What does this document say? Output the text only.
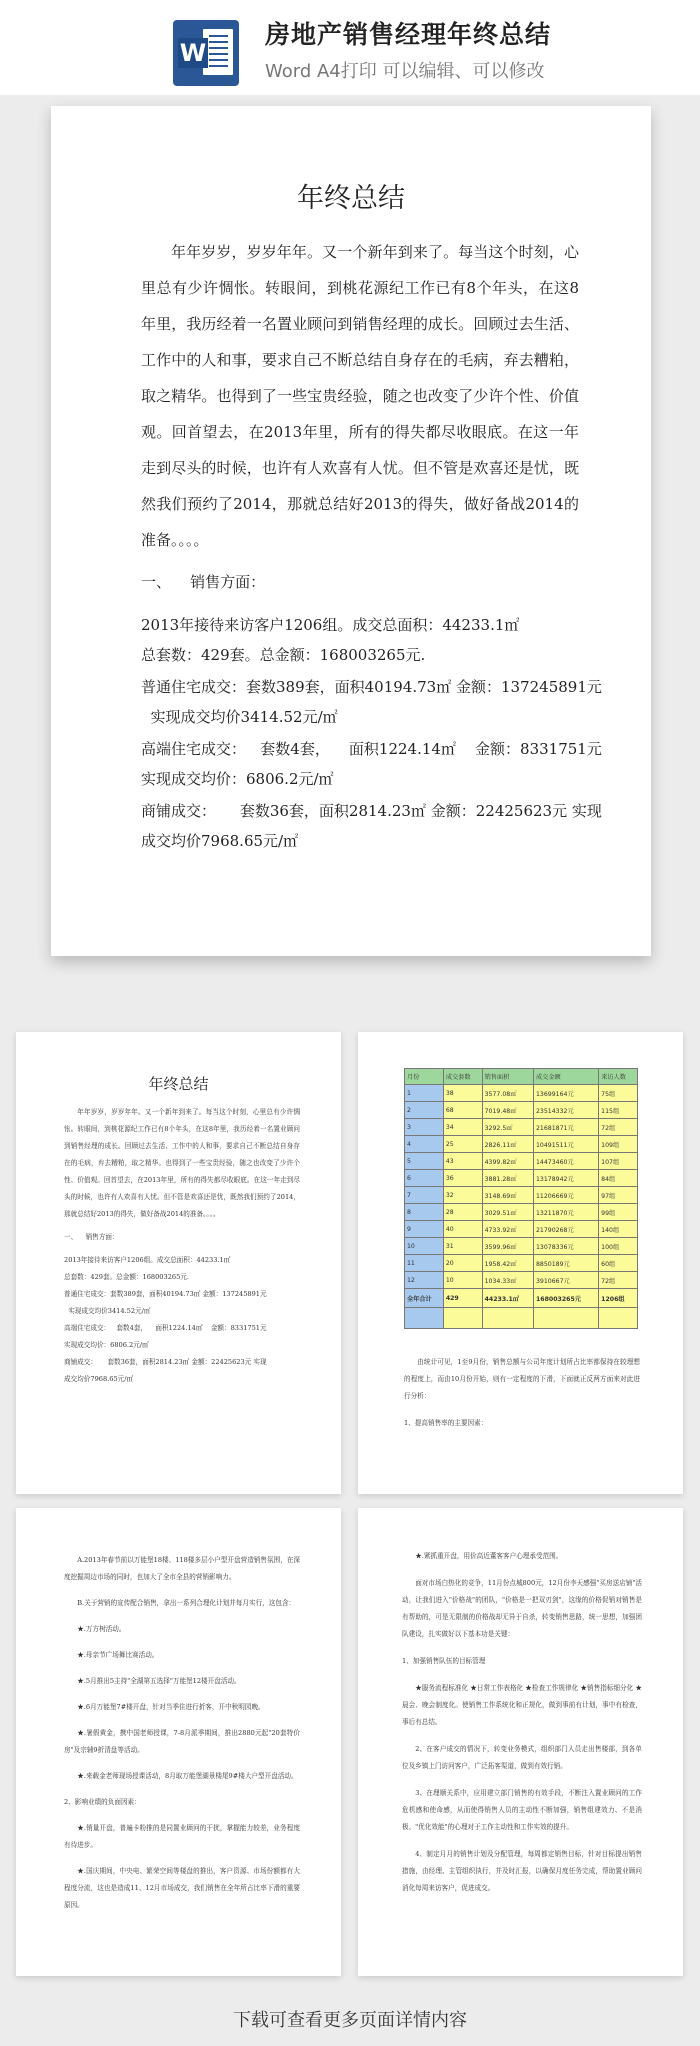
W
房地产销售经理年终总结
Word A4打印 可以编辑、可以修改
年终总结

年年岁岁，岁岁年年。又一个新年到来了。每当这个时刻，心里总有少许惆怅。转眼间，到桃花源纪工作已有8个年头，在这8年里，我历经着一名置业顾问到销售经理的成长。回顾过去生活、工作中的人和事，要求自己不断总结自身存在的毛病，弃去糟粕，取之精华。也得到了一些宝贵经验，随之也改变了少许个性、价值观。回首望去，在2013年里，所有的得失都尽收眼底。在这一年走到尽头的时候，也许有人欢喜有人忧。但不管是欢喜还是忧，既然我们预约了2014，那就总结好2013的得失，做好备战2014的准备。。。。

一、    销售方面：

2013年接待来访客户1206组。成交总面积：44233.1㎡

总套数：429套。总金额：168003265元.

普通住宅成交：套数389套，面积40194.73㎡ 金额：137245891元

实现成交均价3414.52元/㎡

高端住宅成交：   套数4套，    面积1224.14㎡    金额：8331751元

实现成交均价：6806.2元/㎡

商铺成交：     套数36套，面积2814.23㎡ 金额：22425623元 实现

成交均价7968.65元/㎡

年终总结

年年岁岁，岁岁年年。又一个新年到来了。每当这个时刻，心里总有少许惆怅。转眼间，到桃花源纪工作已有8个年头，在这8年里，我历经着一名置业顾问到销售经理的成长。回顾过去生活、工作中的人和事，要求自己不断总结自身存在的毛病，弃去糟粕，取之精华。也得到了一些宝贵经验，随之也改变了少许个性、价值观。回首望去，在2013年里，所有的得失都尽收眼底。在这一年走到尽头的时候，也许有人欢喜有人忧。但不管是欢喜还是忧，既然我们预约了2014，那就总结好2013的得失，做好备战2014的准备。。。。

一、    销售方面：

2013年接待来访客户1206组。成交总面积：44233.1㎡

总套数：429套。总金额：168003265元.

普通住宅成交：套数389套，面积40194.73㎡ 金额：137245891元

实现成交均价3414.52元/㎡

高端住宅成交：   套数4套，    面积1224.14㎡    金额：8331751元

实现成交均价：6806.2元/㎡

商铺成交：     套数36套，面积2814.23㎡ 金额：22425623元 实现

成交均价7968.65元/㎡

月份	成交套数	销售面积	成交金额	来访人数
1	38	3577.08㎡	13699164元	75组
2	68	7019.48㎡	23514332元	115组
3	34	3292.5㎡	21681871元	72组
4	25	2826.11㎡	10491511元	109组
5	43	4399.82㎡	14473460元	107组
6	36	3881.28㎡	13178942元	84组
7	32	3148.69㎡	11206669元	97组
8	28	3029.51㎡	13211870元	99组
9	40	4733.92㎡	21790268元	140组
10	31	3599.96㎡	13078336元	100组
11	20	1958.42㎡	8850189元	60组
12	10	1034.33㎡	3910667元	72组
全年合计	429	44233.1㎡	168003265元	1206组

由统计可见，1至9月份，销售总额与公司年度计划所占比率都保持在较理想的程度上，而由10月份开始，则有一定程度的下滑，下面就正反两方面来对此进行分析：

1、提高销售率的主要因素：

A.2013年春节前以万能堡18楼、118楼多层小户型开盘营造销售氛围，在深度挖掘周边市场的同时，也加大了全市全县的营销影响力。

B.关于营销的宣传配合销售，拿出一系列合理化计划并每月实行，这包含：

★.万方树活动。

★.母亲节广场舞比赛活动。

★.5月推出5主持"全湖第五选择"万能堡12楼开盘活动。

★.6月万能堡7#楼开盘，针对当季住进行折客，开中秋明园晚。

★.暑假黄金，携中国老师授课，7-8月派季期间，推出2880元起"20套特价房"及宗辅9折清盘等活动。

★.来载金老师现场授课活动，8月取万能堡湖景楼尾9#楼大户型开盘活动。

2、影响业绩的负面因素：

★.销量开盘，普遍卡粉推的是同置业顾问的干扰，掌握能力较差，业务程度有待进步。

★.国庆期间，中央电、繁荣空间等楼盘的推出，客户资源、市场份额都有大程度分流，这也是造成11、12月市场成交，我们销售在全年所占比率下滑的重要原因。

★.紧抓重开盘，用价高近董客客户心理承受范围。

面对市场白热化的竞争，11月份点城800元，12月份李天感强"买房送店铺"活动，让我们进入"价格战"的团队，"价格是一把双刃剑"，这缘的价格促销对销售是有帮助的，可是无限制的价格战却无异于自杀，转变销售思路，统一思想，加强团队建设，扎实做好以下基本功是关键：

1、加强销售队伍的目标管理

★服务流程标准化 ★日常工作表格化 ★检查工作规律化 ★销售指标细分化 ★晨会、晚会制度化。使销售工作系统化和正规化，做到事前有计划，事中有检查，事后有总结。

2、在客户成交的情况下，转变业务模式，组织部门人员走出售楼部，到各单位及乡镇上门访问客户，广泛拓客渠道，做到有效行销。

3、在理顺关系中，应用建立部门销售的有效手段，不断注入置业顾问的工作危机感和使命感，从而使得销售人员的主动性不断加强，销售组建效力、不是消极、"优化效能"的心理对于工作主动性和工作实效的提升。

4、制定月月的销售计划及分配管理，每周都定销售目标，针对目标提出销售措施，由经理、主管组织执行，并及时汇报，以确保月度任务完成，帮助置业顾问消化每周来访客户，促进成交。

下载可查看更多页面详情内容
